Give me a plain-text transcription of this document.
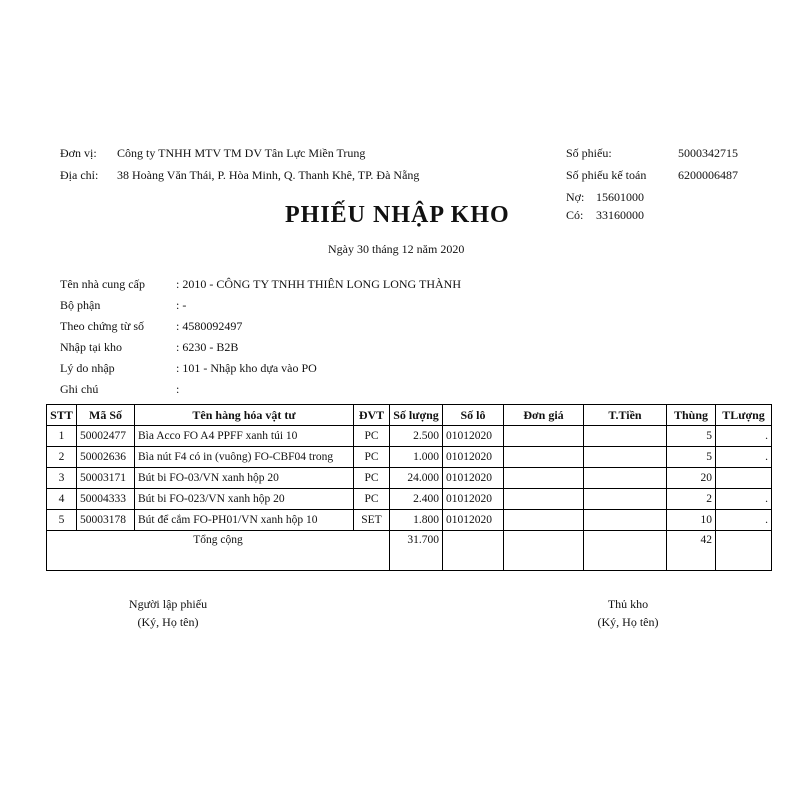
Đơn vị: Công ty TNHH MTV TM DV Tân Lực Miền Trung
Địa chỉ: 38 Hoàng Văn Thái, P. Hòa Minh, Q. Thanh Khê, TP. Đà Nẵng
Số phiếu:	5000342715
Số phiếu kế toán	6200006487
Nợ: 15601000
Có: 33160000
PHIẾU NHẬP KHO
Ngày 30 tháng 12 năm 2020
Tên nhà cung cấp	: 2010 - CÔNG TY TNHH THIÊN LONG LONG THÀNH
Bộ phận	: -
Theo chứng từ số	: 4580092497
Nhập tại kho	: 6230 - B2B
Lý do nhập	: 101 - Nhập kho dựa vào PO
Ghi chú	:
STT	Mã Số	Tên hàng hóa vật tư	ĐVT	Số lượng	Số lô	Đơn giá	T.Tiền	Thùng	TLượng
1	50002477	Bìa Acco FO A4 PPFF xanh túi 10	PC	2.500	01012020			5	.
2	50002636	Bìa nút F4 có in (vuông) FO-CBF04 trong	PC	1.000	01012020			5	.
3	50003171	Bút bi FO-03/VN xanh hộp 20	PC	24.000	01012020			20	
4	50004333	Bút bi FO-023/VN xanh hộp 20	PC	2.400	01012020			2	.
5	50003178	Bút để cắm FO-PH01/VN xanh hộp 10	SET	1.800	01012020			10	.
Tổng cộng				31.700				42	
Người lập phiếu
(Ký, Họ tên)
Thủ kho
(Ký, Họ tên)
